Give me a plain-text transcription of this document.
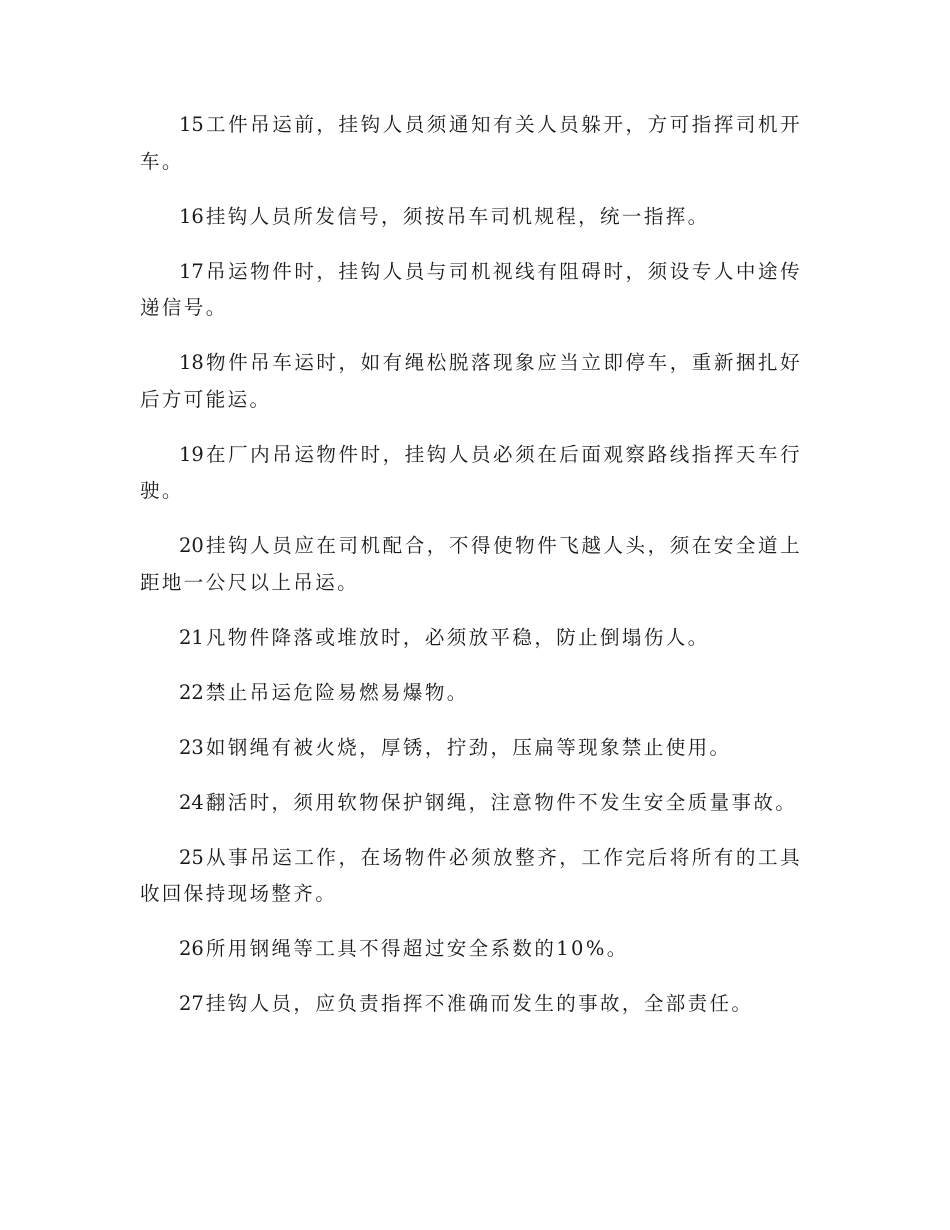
15 工件吊运前，挂钩人员须通知有关人员躲开，方可指挥司机开车。

16 挂钩人员所发信号，须按吊车司机规程，统一指挥。

17 吊运物件时，挂钩人员与司机视线有阻碍时，须设专人中途传递信号。

18 物件吊车运时，如有绳松脱落现象应当立即停车，重新捆扎好后方可能运。

19 在厂内吊运物件时，挂钩人员必须在后面观察路线指挥天车行驶。

20 挂钩人员应在司机配合，不得使物件飞越人头，须在安全道上距地一公尺以上吊运。

21 凡物件降落或堆放时，必须放平稳，防止倒塌伤人。

22 禁止吊运危险易燃易爆物。

23 如钢绳有被火烧，厚锈，拧劲，压扁等现象禁止使用。

24 翻活时，须用软物保护钢绳，注意物件不发生安全质量事故。

25 从事吊运工作，在场物件必须放整齐，工作完后将所有的工具收回保持现场整齐。

26 所用钢绳等工具不得超过安全系数的10%。

27 挂钩人员，应负责指挥不准确而发生的事故，全部责任。
